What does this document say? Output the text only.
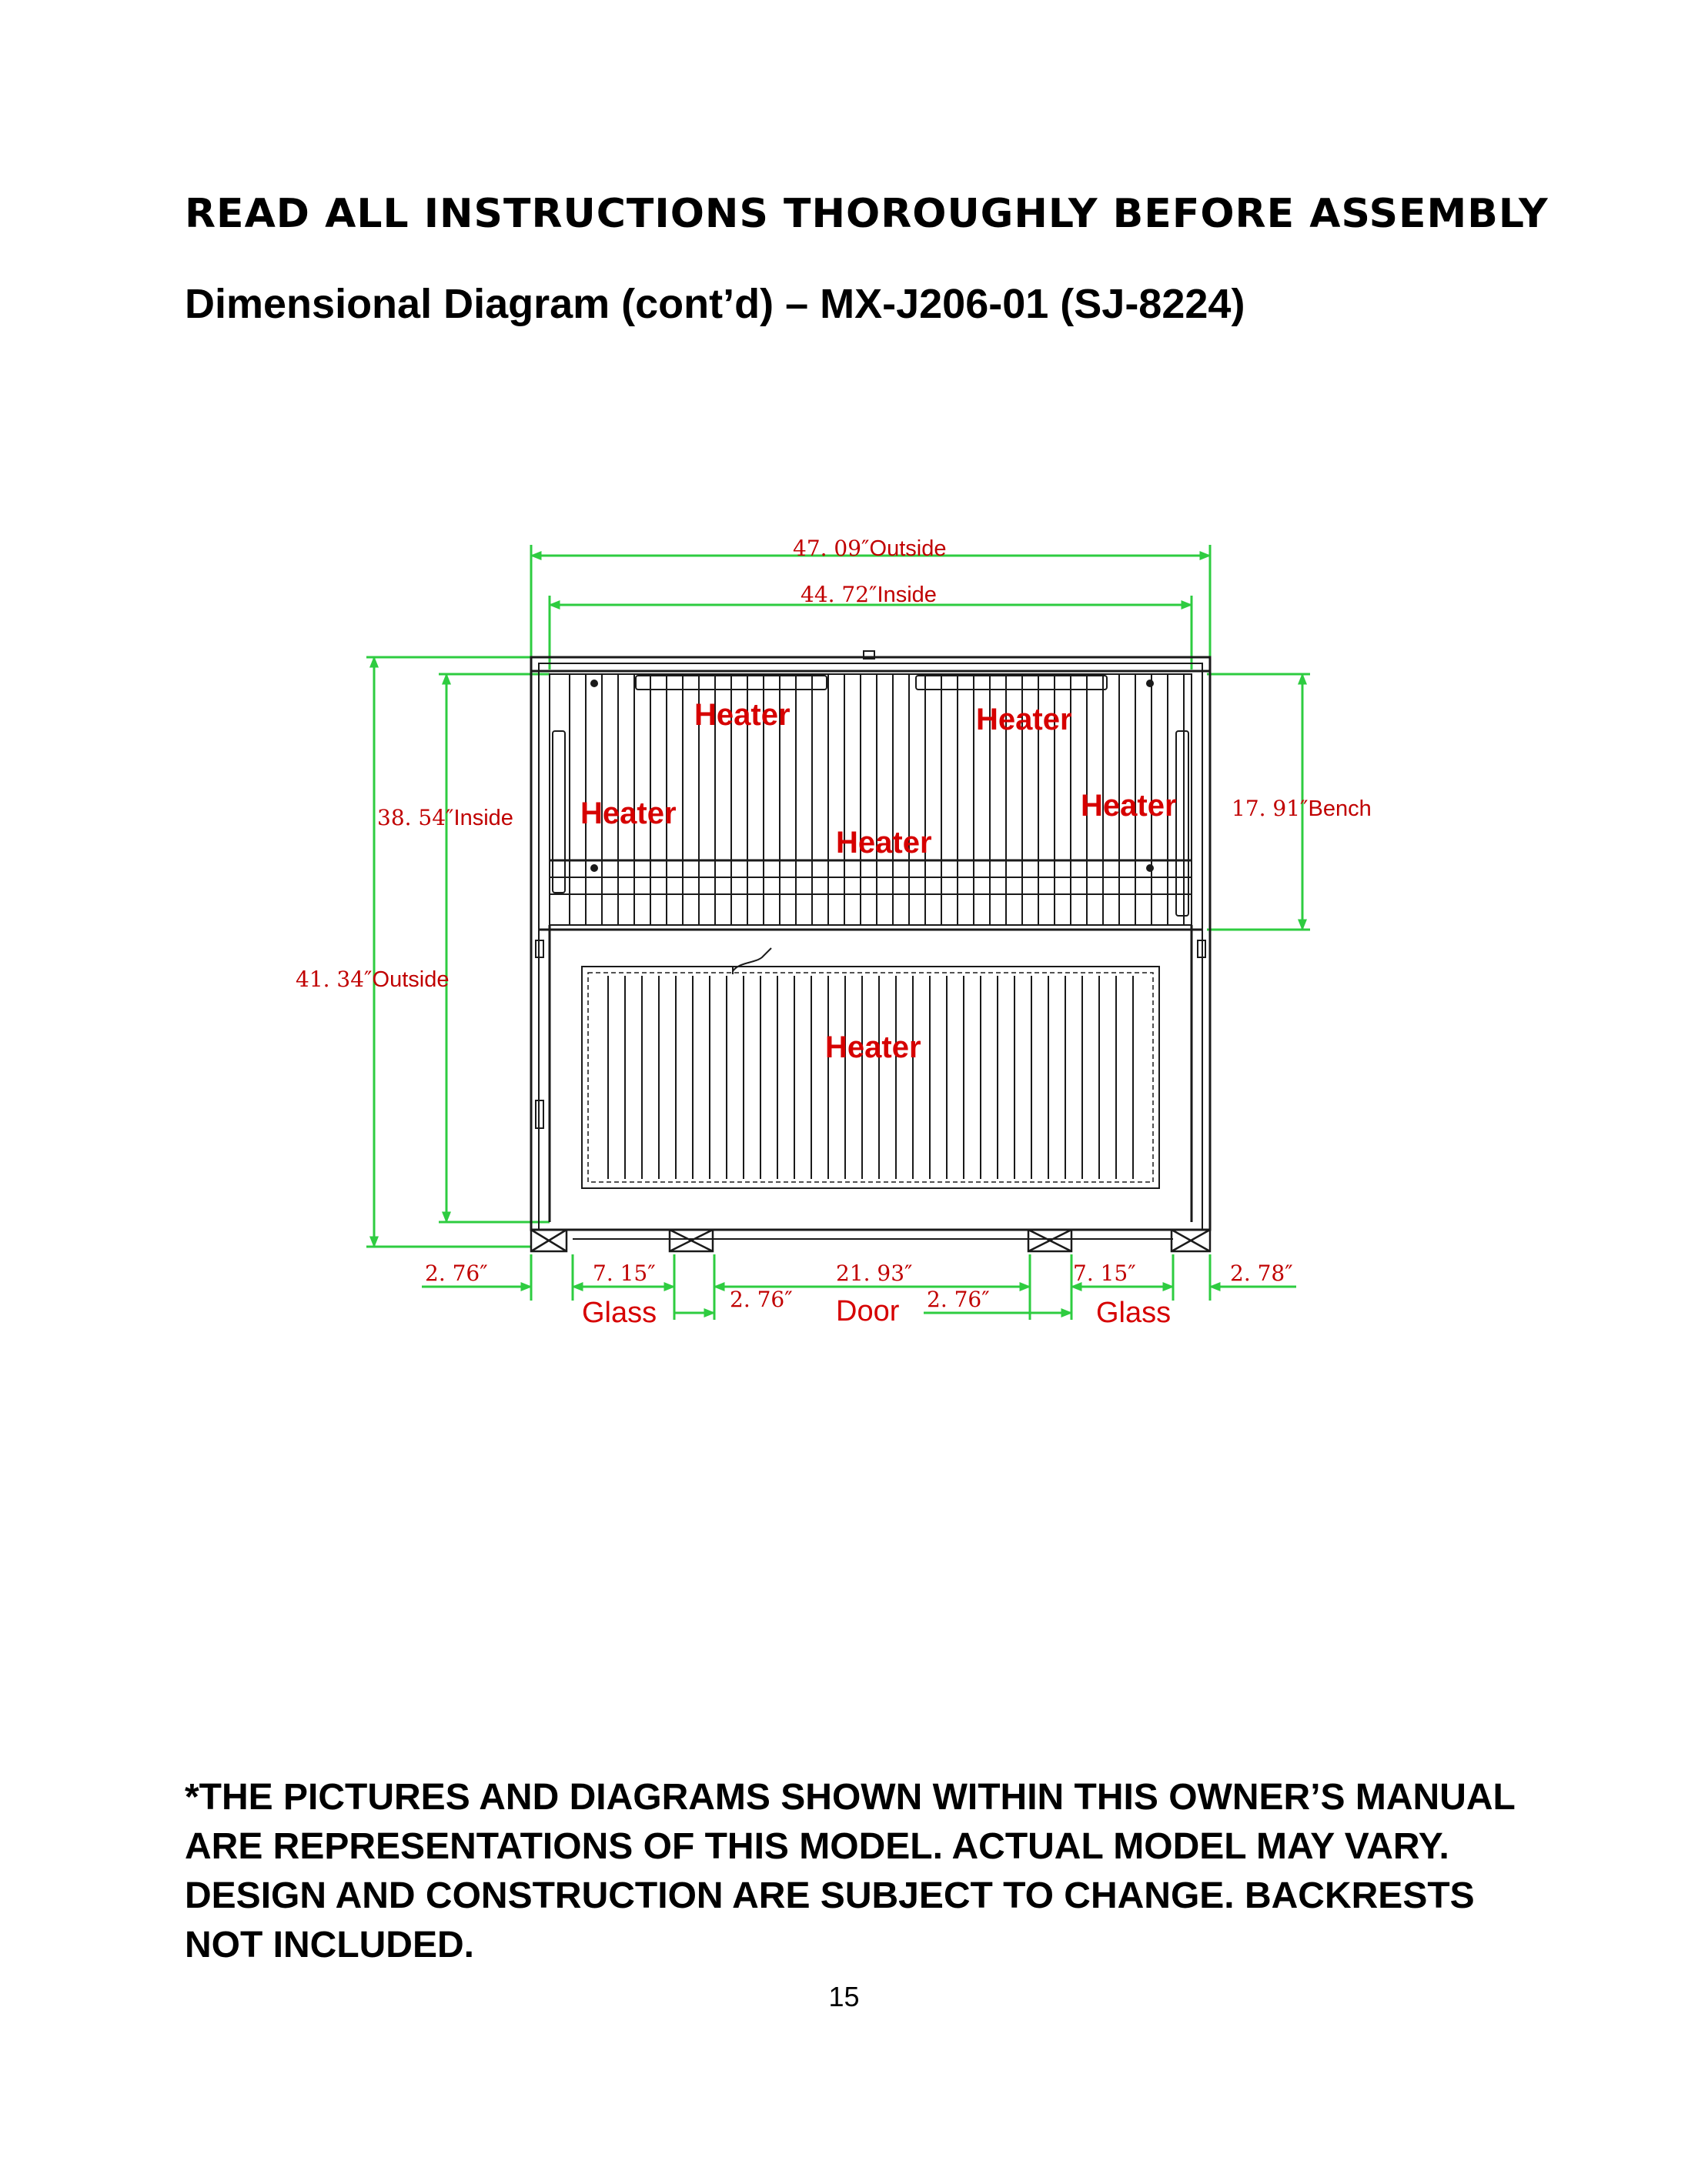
READ ALL INSTRUCTIONS THOROUGHLY BEFORE ASSEMBLY
Dimensional Diagram (cont’d) – MX-J206-01 (SJ-8224)
47. 09″Outside
44. 72″Inside
38. 54″Inside
41. 34″Outside
17. 91″Bench
2. 76″	7. 15″	21. 93″	7. 15″	2. 78″
2. 76″	2. 76″
Glass	Door	Glass
Heater	Heater
Heater	Heater
Heater
Heater

*THE PICTURES AND DIAGRAMS SHOWN WITHIN THIS OWNER’S MANUAL ARE REPRESENTATIONS OF THIS MODEL. ACTUAL MODEL MAY VARY. DESIGN AND CONSTRUCTION ARE SUBJECT TO CHANGE. BACKRESTS NOT INCLUDED.

15
